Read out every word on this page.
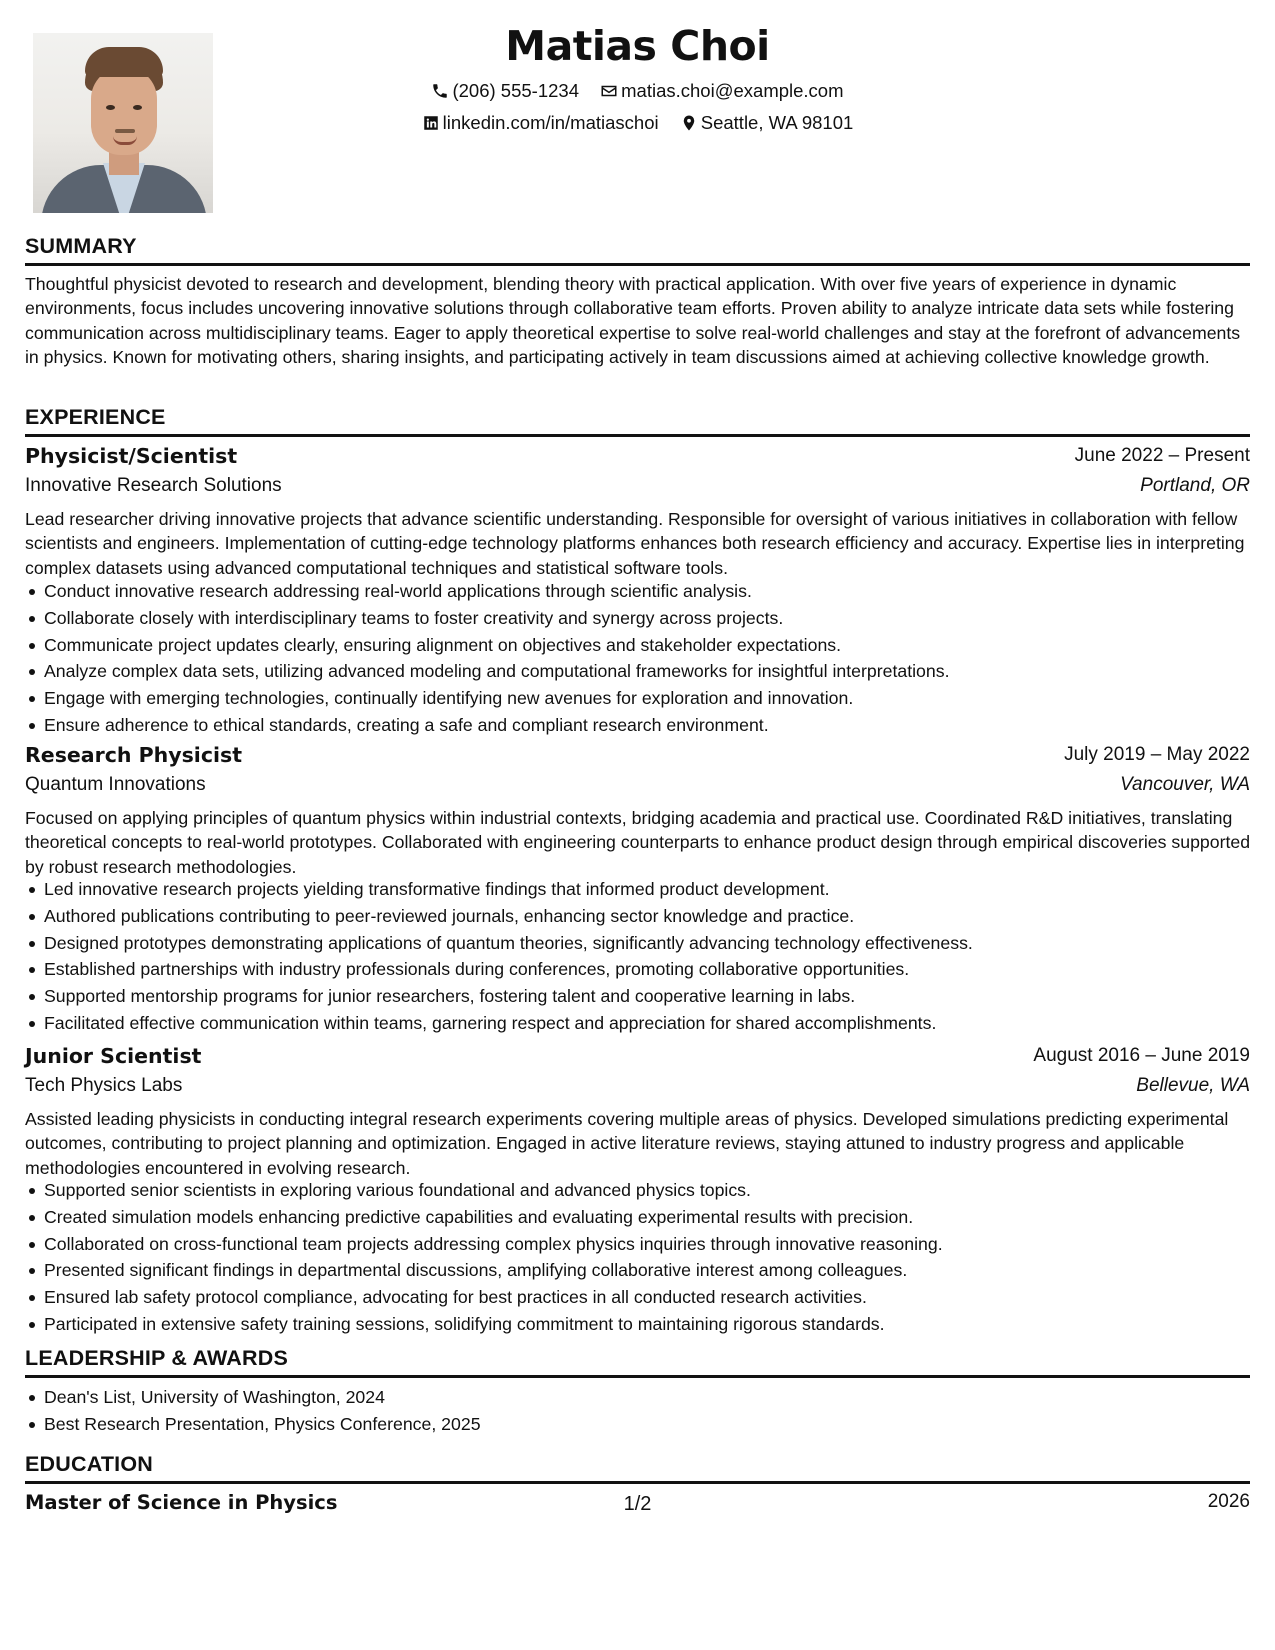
Matias Choi
(206) 555-1234
matias.choi@example.com
linkedin.com/in/matiaschoi
Seattle, WA 98101
SUMMARY
Thoughtful physicist devoted to research and development, blending theory with practical application. With over five years of experience in dynamic environments, focus includes uncovering innovative solutions through collaborative team efforts. Proven ability to analyze intricate data sets while fostering communication across multidisciplinary teams. Eager to apply theoretical expertise to solve real-world challenges and stay at the forefront of advancements in physics. Known for motivating others, sharing insights, and participating actively in team discussions aimed at achieving collective knowledge growth.
EXPERIENCE
Physicist/Scientist	June 2022 – Present
Innovative Research Solutions	Portland, OR
Lead researcher driving innovative projects that advance scientific understanding. Responsible for oversight of various initiatives in collaboration with fellow scientists and engineers. Implementation of cutting-edge technology platforms enhances both research efficiency and accuracy. Expertise lies in interpreting complex datasets using advanced computational techniques and statistical software tools.
Conduct innovative research addressing real-world applications through scientific analysis.
Collaborate closely with interdisciplinary teams to foster creativity and synergy across projects.
Communicate project updates clearly, ensuring alignment on objectives and stakeholder expectations.
Analyze complex data sets, utilizing advanced modeling and computational frameworks for insightful interpretations.
Engage with emerging technologies, continually identifying new avenues for exploration and innovation.
Ensure adherence to ethical standards, creating a safe and compliant research environment.
Research Physicist	July 2019 – May 2022
Quantum Innovations	Vancouver, WA
Focused on applying principles of quantum physics within industrial contexts, bridging academia and practical use. Coordinated R&D initiatives, translating theoretical concepts to real-world prototypes. Collaborated with engineering counterparts to enhance product design through empirical discoveries supported by robust research methodologies.
Led innovative research projects yielding transformative findings that informed product development.
Authored publications contributing to peer-reviewed journals, enhancing sector knowledge and practice.
Designed prototypes demonstrating applications of quantum theories, significantly advancing technology effectiveness.
Established partnerships with industry professionals during conferences, promoting collaborative opportunities.
Supported mentorship programs for junior researchers, fostering talent and cooperative learning in labs.
Facilitated effective communication within teams, garnering respect and appreciation for shared accomplishments.
Junior Scientist	August 2016 – June 2019
Tech Physics Labs	Bellevue, WA
Assisted leading physicists in conducting integral research experiments covering multiple areas of physics. Developed simulations predicting experimental outcomes, contributing to project planning and optimization. Engaged in active literature reviews, staying attuned to industry progress and applicable methodologies encountered in evolving research.
Supported senior scientists in exploring various foundational and advanced physics topics.
Created simulation models enhancing predictive capabilities and evaluating experimental results with precision.
Collaborated on cross-functional team projects addressing complex physics inquiries through innovative reasoning.
Presented significant findings in departmental discussions, amplifying collaborative interest among colleagues.
Ensured lab safety protocol compliance, advocating for best practices in all conducted research activities.
Participated in extensive safety training sessions, solidifying commitment to maintaining rigorous standards.
LEADERSHIP & AWARDS
Dean's List, University of Washington, 2024
Best Research Presentation, Physics Conference, 2025
EDUCATION
Master of Science in Physics	2026
1/2
